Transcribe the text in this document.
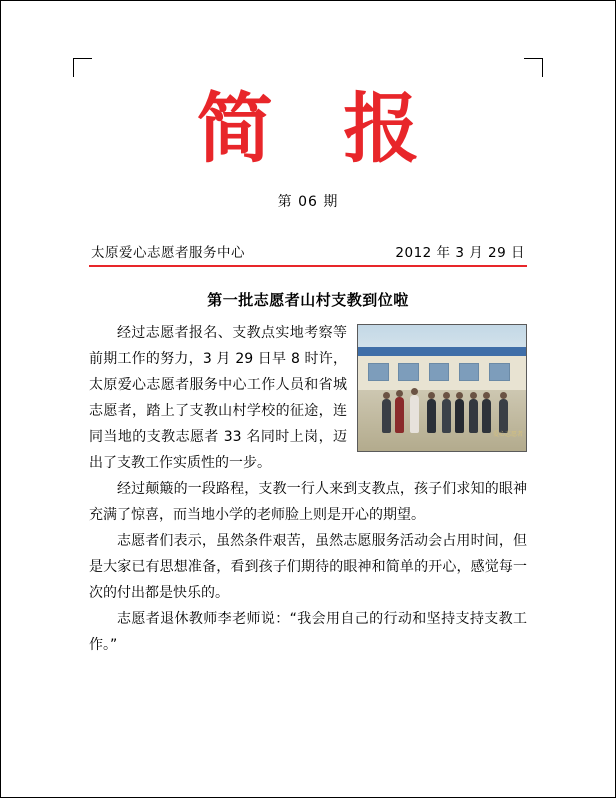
简 报
第 06 期
太原爱心志愿者服务中心	2012 年 3 月 29 日
第一批志愿者山村支教到位啦
爱心志愿者

经过志愿者报名、支教点实地考察等前期工作的努力，3 月 29 日早 8 时许，太原爱心志愿者服务中心工作人员和省城志愿者，踏上了支教山村学校的征途，连同当地的支教志愿者 33 名同时上岗，迈出了支教工作实质性的一步。

经过颠簸的一段路程，支教一行人来到支教点，孩子们求知的眼神充满了惊喜，而当地小学的老师脸上则是开心的期望。

志愿者们表示，虽然条件艰苦，虽然志愿服务活动会占用时间，但是大家已有思想准备，看到孩子们期待的眼神和简单的开心，感觉每一次的付出都是快乐的。

志愿者退休教师李老师说：“我会用自己的行动和坚持支持支教工作。”
